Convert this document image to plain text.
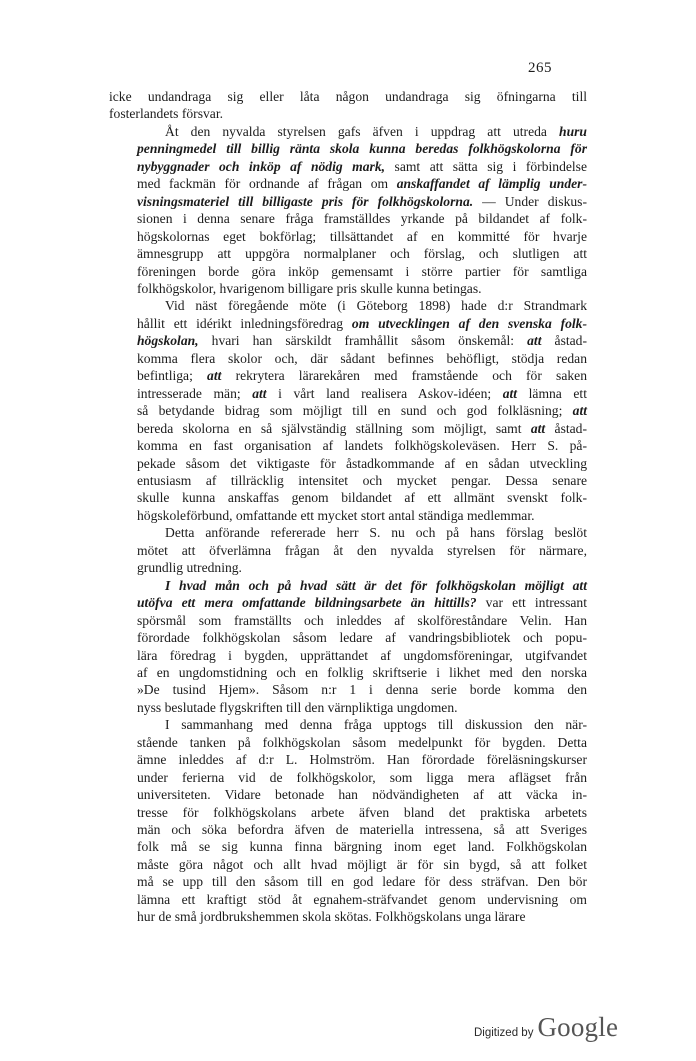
265
icke undandraga sig eller låta någon undandraga sig öfningarna till
fosterlandets försvar.
Åt den nyvalda styrelsen gafs äfven i uppdrag att utreda huru
penningmedel till billig ränta skola kunna beredas folkhögskolorna för
nybyggnader och inköp af nödig mark, samt att sätta sig i förbindelse
med fackmän för ordnande af frågan om anskaffandet af lämplig under-
visningsmateriel till billigaste pris för folkhögskolorna. — Under diskus-
sionen i denna senare fråga framställdes yrkande på bildandet af folk-
högskolornas eget bokförlag; tillsättandet af en kommitté för hvarje
ämnesgrupp att uppgöra normalplaner och förslag, och slutligen att
föreningen borde göra inköp gemensamt i större partier för samtliga
folkhögskolor, hvarigenom billigare pris skulle kunna betingas.
Vid näst föregående möte (i Göteborg 1898) hade d:r Strandmark
hållit ett idérikt inledningsföredrag om utvecklingen af den svenska folk-
högskolan, hvari han särskildt framhållit såsom önskemål: att åstad-
komma flera skolor och, där sådant befinnes behöfligt, stödja redan
befintliga; att rekrytera lärarekåren med framstående och för saken
intresserade män; att i vårt land realisera Askov-idéen; att lämna ett
så betydande bidrag som möjligt till en sund och god folkläsning; att
bereda skolorna en så självständig ställning som möjligt, samt att åstad-
komma en fast organisation af landets folkhögskoleväsen. Herr S. på-
pekade såsom det viktigaste för åstadkommande af en sådan utveckling
entusiasm af tillräcklig intensitet och mycket pengar. Dessa senare
skulle kunna anskaffas genom bildandet af ett allmänt svenskt folk-
högskoleförbund, omfattande ett mycket stort antal ständiga medlemmar.
Detta anförande refererade herr S. nu och på hans förslag beslöt
mötet att öfverlämna frågan åt den nyvalda styrelsen för närmare,
grundlig utredning.
I hvad mån och på hvad sätt är det för folkhögskolan möjligt att
utöfva ett mera omfattande bildningsarbete än hittills? var ett intressant
spörsmål som framställts och inleddes af skolföreståndare Velin. Han
förordade folkhögskolan såsom ledare af vandringsbibliotek och popu-
lära föredrag i bygden, upprättandet af ungdomsföreningar, utgifvandet
af en ungdomstidning och en folklig skriftserie i likhet med den norska
»De tusind Hjem». Såsom n:r 1 i denna serie borde komma den
nyss beslutade flygskriften till den värnpliktiga ungdomen.
I sammanhang med denna fråga upptogs till diskussion den när-
stående tanken på folkhögskolan såsom medelpunkt för bygden. Detta
ämne inleddes af d:r L. Holmström. Han förordade föreläsningskurser
under ferierna vid de folkhögskolor, som ligga mera aflägset från
universiteten. Vidare betonade han nödvändigheten af att väcka in-
tresse för folkhögskolans arbete äfven bland det praktiska arbetets
män och söka befordra äfven de materiella intressena, så att Sveriges
folk må se sig kunna finna bärgning inom eget land. Folkhögskolan
måste göra något och allt hvad möjligt är för sin bygd, så att folket
må se upp till den såsom till en god ledare för dess sträfvan. Den bör
lämna ett kraftigt stöd åt egnahem-sträfvandet genom undervisning om
hur de små jordbrukshemmen skola skötas. Folkhögskolans unga lärare
Digitized by Google
